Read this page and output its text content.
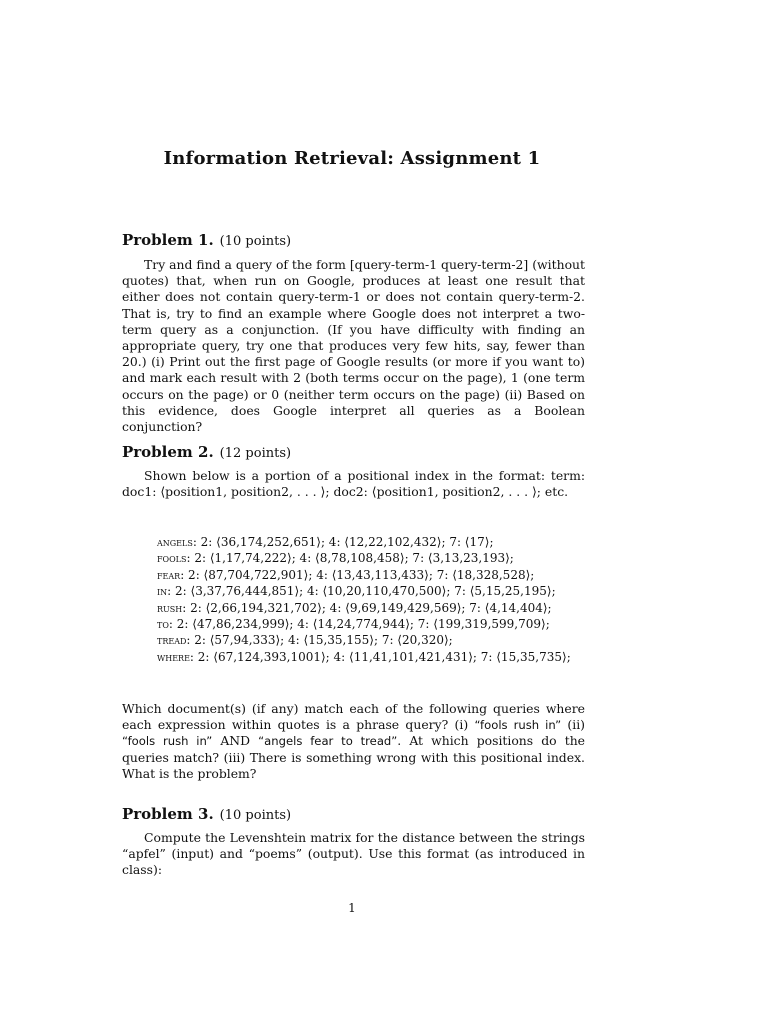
Information Retrieval: Assignment 1
Problem 1. (10 points)
Try and find a query of the form [query-term-1 query-term-2] (without quotes) that, when run on Google, produces at least one result that either does not contain query-term-1 or does not contain query-term-2. That is, try to find an example where Google does not interpret a two-term query as a conjunction. (If you have difficulty with finding an appropriate query, try one that produces very few hits, say, fewer than 20.) (i) Print out the first page of Google results (or more if you want to) and mark each result with 2 (both terms occur on the page), 1 (one term occurs on the page) or 0 (neither term occurs on the page) (ii) Based on this evidence, does Google interpret all queries as a Boolean conjunction?
Problem 2. (12 points)
Shown below is a portion of a positional index in the format: term: doc1: ⟨position1, position2, . . . ⟩; doc2: ⟨position1, position2, . . . ⟩; etc.
angels: 2: ⟨36,174,252,651⟩; 4: ⟨12,22,102,432⟩; 7: ⟨17⟩;
fools: 2: ⟨1,17,74,222⟩; 4: ⟨8,78,108,458⟩; 7: ⟨3,13,23,193⟩;
fear: 2: ⟨87,704,722,901⟩; 4: ⟨13,43,113,433⟩; 7: ⟨18,328,528⟩;
in: 2: ⟨3,37,76,444,851⟩; 4: ⟨10,20,110,470,500⟩; 7: ⟨5,15,25,195⟩;
rush: 2: ⟨2,66,194,321,702⟩; 4: ⟨9,69,149,429,569⟩; 7: ⟨4,14,404⟩;
to: 2: ⟨47,86,234,999⟩; 4: ⟨14,24,774,944⟩; 7: ⟨199,319,599,709⟩;
tread: 2: ⟨57,94,333⟩; 4: ⟨15,35,155⟩; 7: ⟨20,320⟩;
where: 2: ⟨67,124,393,1001⟩; 4: ⟨11,41,101,421,431⟩; 7: ⟨15,35,735⟩;
Which document(s) (if any) match each of the following queries where each expression within quotes is a phrase query? (i) “fools rush in” (ii) “fools rush in” AND “angels fear to tread”. At which positions do the queries match? (iii) There is something wrong with this positional index. What is the problem?
Problem 3. (10 points)
Compute the Levenshtein matrix for the distance between the strings “apfel” (input) and “poems” (output). Use this format (as introduced in class):
1
